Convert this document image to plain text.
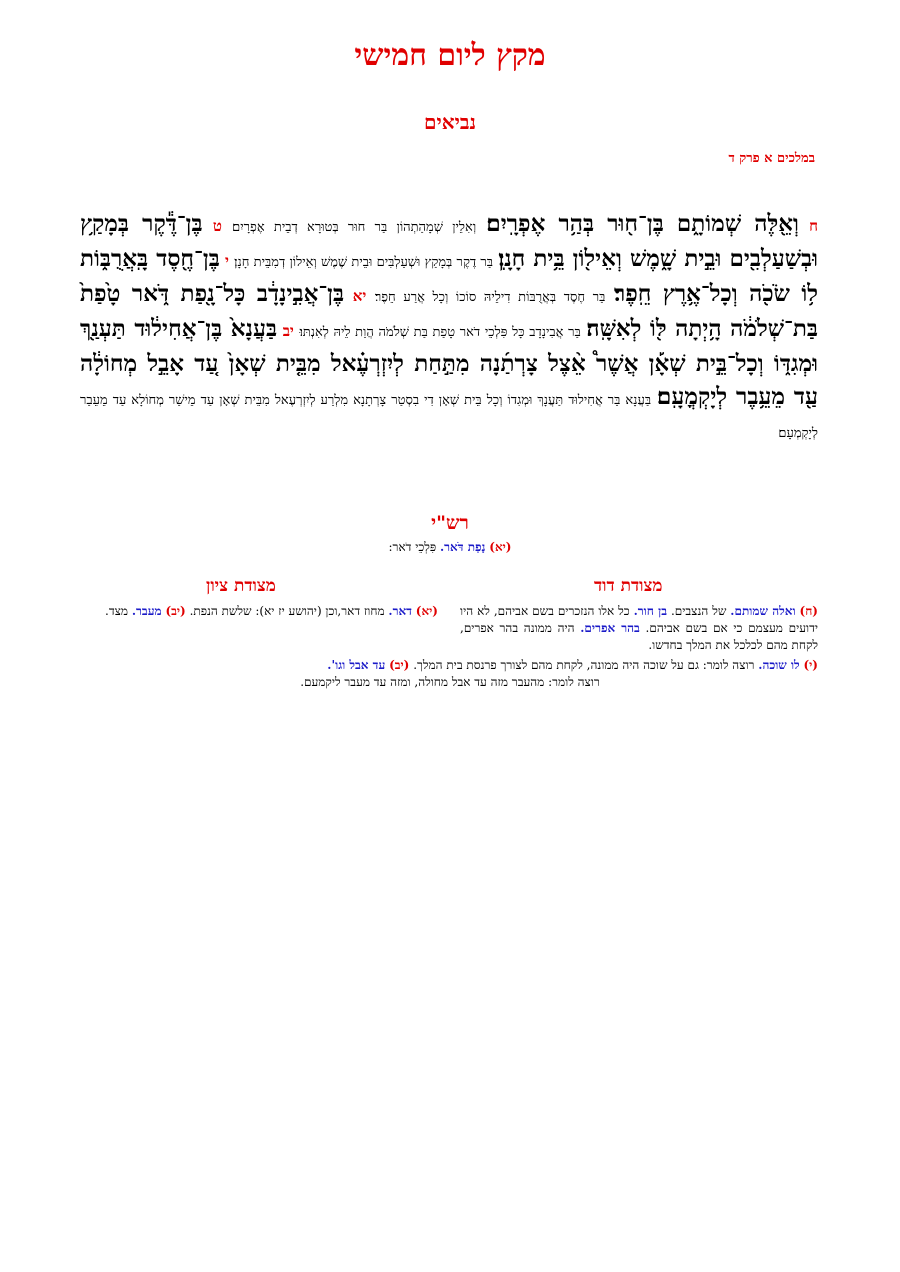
מקץ ליום חמישי
נביאים
במלכים א פרק ד
ח וְאֵ֖לֶּה שְׁמוֹתָ֑ם בֶּן־ח֖וּר בְּהַ֥ר אֶפְרָֽיִם׃ וְאִלֵין שְׁמָהַתְהוֹן בַּר חוּר בְּטוּרָא דְבֵית אֶפְרָיִם׃ ט בֶּן־דֶּ֕קֶר בְּמָקַ֥ץ וּבְשַׁעַלְבִ֖ים וּבֵ֣ית שָׁ֑מֶשׁ וְאֵיל֖וֹן בֵּ֥ית חָנָֽן׃ בַּר דֶקֶר בְּמָקַץ וּשְׁעַלְבִּים וּבֵית שֶׁמֶשׁ וְאֵילוֹן דְמִבֵּית חָנָן׃ י בֶּן־חֶ֖סֶד בָּֽאֲרֻבּ֑וֹת ל֥וֹ שֹׂכֹ֖ה וְכָל־אֶ֥רֶץ חֵֽפֶר׃ בַּר חֶסֶד בְּאֲרֻבּוֹת דִילֵיהּ סוֹכוֹ וְכָל אֲרַע חֵפֶר׃ יא בֶּן־אֲבִ֣ינָדָ֔ב כָּל־נָ֖פַת דֹּ֑אר טָ֙פַת֙ בַּת־שְׁלֹמֹ֔ה הָ֥יְתָה לּ֖וֹ לְאִשָּֽׁה׃ בַּר אֲבִינָדָב כָּל פִּלְכֵי דֹאר טָפַת בַּת שְׁלֹמֹה הֲוַת לֵיהּ לְאִנְתּוּ׃ יב בַּעֲנָא֙ בֶּן־אֲחִיל֔וּד תַּעְנַ֖ךְ וּמְגִדּ֑וֹ וְכָל־בֵּ֣ית שְׁאָ֡ן אֲשֶׁר֩ אֵ֨צֶל צָרְתַ֜נָה מִתַּ֣חַת לְיִזְרְעֶ֗אל מִבֵּ֤ית שְׁאָן֙ עַ֚ד אָבֵ֣ל מְחוֹלָ֔ה עַ֖ד מֵעֵ֥בֶר לְיָקְמֳעָֽם׃ בַּעֲנָא בַּר אֲחִילוּד תַּעֲנָךְ וּמְגִדוֹ וְכָל בֵּית שְׁאָן דִי בִסְטַר צָרְתָנָא מִלְרַע לְיִזְרְעֶאל מִבֵּית שְׁאָן עַד מֵישַׁר מְחוֹלָא עַד מֵעֵבַר לְיָקְמְעָם׃
רש"י
(יא) נָפַת דֹּאר. פִּלְכֵי דֹאר:
מצודת דוד
מצודת ציון
(ח) ואלה שמותם. של הנצבים. בן חור. כל אלו הנזכרים בשם אביהם, לא היו ידועים מעצמם כי אם בשם אביהם. בהר אפרים. היה ממונה בהר אפרים, לקחת מהם לכלכל את המלך בחדשו.
(יא) דאר. מחוז דאר,וכן (יהושע יז יא): שלשת הנפת. (יב) מעבר. מצד.
(י) לו שוכה. רוצה לומר: גם על שוכה היה ממונה, לקחת מהם לצורך פרנסת בית המלך. (יב) עד אבל וגו'.
רוצה לומר: מהעבר מזה עד אבל מחולה, ומזה עד מעבר ליקמעם.
